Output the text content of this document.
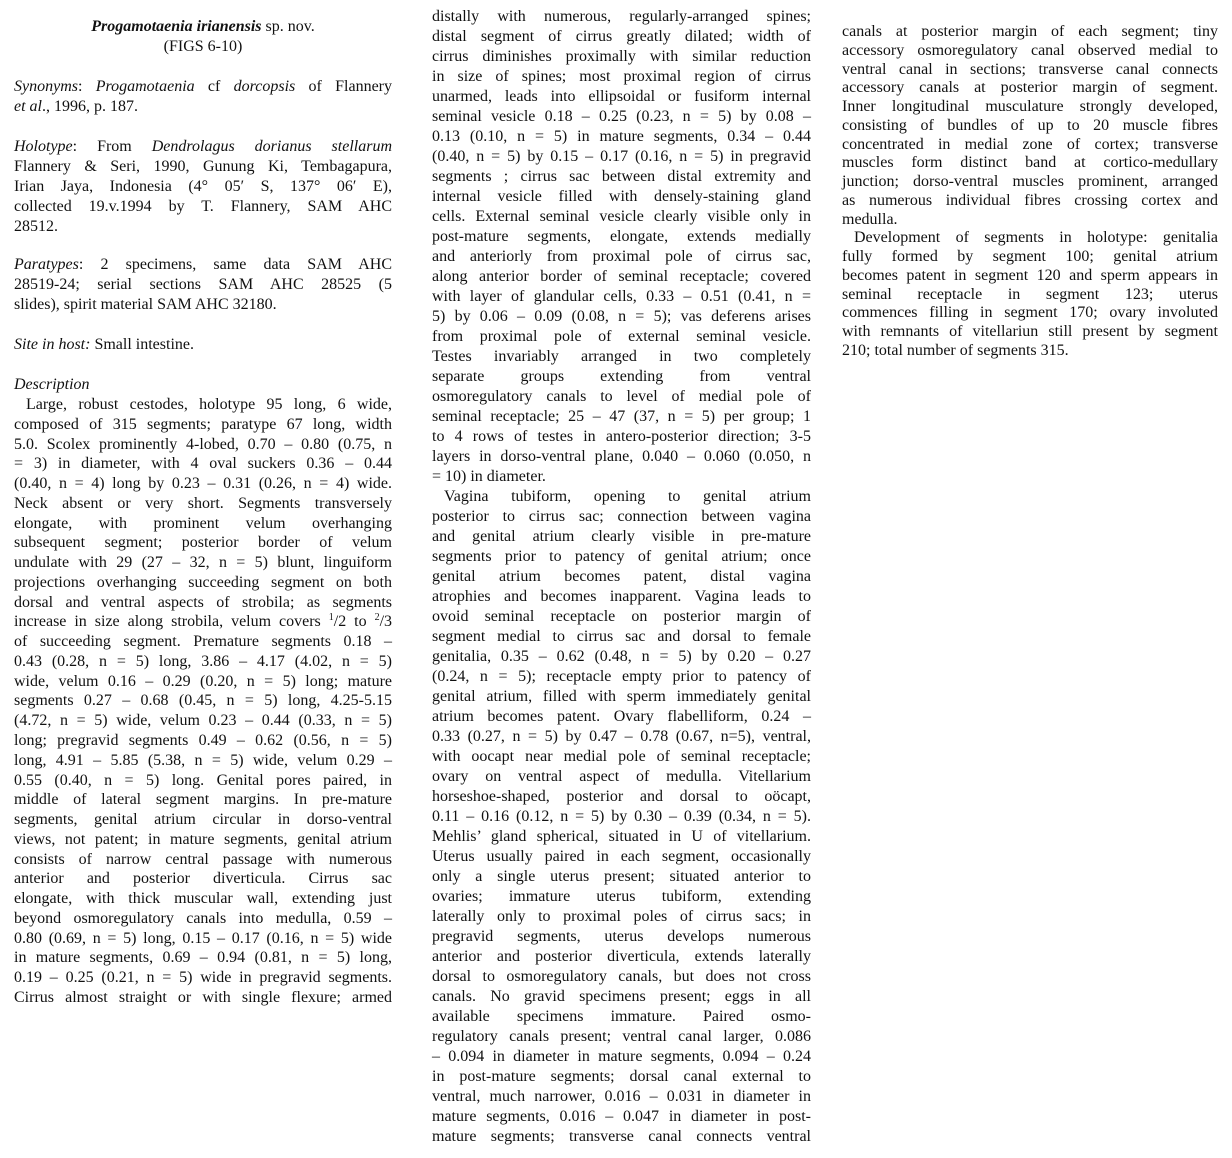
Progamotaenia irianensis sp. nov.
(FIGS 6-10)
Synonyms: Progamotaenia cf dorcopsis of Flannery
et al., 1996, p. 187.
Holotype: From Dendrolagus dorianus stellarum
Flannery & Seri, 1990, Gunung Ki, Tembagapura,
Irian Jaya, Indonesia (4° 05′ S, 137° 06′ E),
collected 19.v.1994 by T. Flannery, SAM AHC
28512.
Paratypes: 2 specimens, same data SAM AHC
28519-24; serial sections SAM AHC 28525 (5
slides), spirit material SAM AHC 32180.
Site in host: Small intestine.
Description
Large, robust cestodes, holotype 95 long, 6 wide,
composed of 315 segments; paratype 67 long, width
5.0. Scolex prominently 4-lobed, 0.70 – 0.80 (0.75, n
= 3) in diameter, with 4 oval suckers 0.36 – 0.44
(0.40, n = 4) long by 0.23 – 0.31 (0.26, n = 4) wide.
Neck absent or very short. Segments transversely
elongate, with prominent velum overhanging
subsequent segment; posterior border of velum
undulate with 29 (27 – 32, n = 5) blunt, linguiform
projections overhanging succeeding segment on both
dorsal and ventral aspects of strobila; as segments
increase in size along strobila, velum covers $^1$/2 to $^2$/3
of succeeding segment. Premature segments 0.18 –
0.43 (0.28, n = 5) long, 3.86 – 4.17 (4.02, n = 5)
wide, velum 0.16 – 0.29 (0.20, n = 5) long; mature
segments 0.27 – 0.68 (0.45, n = 5) long, 4.25-5.15
(4.72, n = 5) wide, velum 0.23 – 0.44 (0.33, n = 5)
long; pregravid segments 0.49 – 0.62 (0.56, n = 5)
long, 4.91 – 5.85 (5.38, n = 5) wide, velum 0.29 –
0.55 (0.40, n = 5) long. Genital pores paired, in
middle of lateral segment margins. In pre-mature
segments, genital atrium circular in dorso-ventral
views, not patent; in mature segments, genital atrium
consists of narrow central passage with numerous
anterior and posterior diverticula. Cirrus sac
elongate, with thick muscular wall, extending just
beyond osmoregulatory canals into medulla, 0.59 –
0.80 (0.69, n = 5) long, 0.15 – 0.17 (0.16, n = 5) wide
in mature segments, 0.69 – 0.94 (0.81, n = 5) long,
0.19 – 0.25 (0.21, n = 5) wide in pregravid segments.
Cirrus almost straight or with single flexure; armed
distally with numerous, regularly-arranged spines;
distal segment of cirrus greatly dilated; width of
cirrus diminishes proximally with similar reduction
in size of spines; most proximal region of cirrus
unarmed, leads into ellipsoidal or fusiform internal
seminal vesicle 0.18 – 0.25 (0.23, n = 5) by 0.08 –
0.13 (0.10, n = 5) in mature segments, 0.34 – 0.44
(0.40, n = 5) by 0.15 – 0.17 (0.16, n = 5) in pregravid
segments ; cirrus sac between distal extremity and
internal vesicle filled with densely-staining gland
cells. External seminal vesicle clearly visible only in
post-mature segments, elongate, extends medially
and anteriorly from proximal pole of cirrus sac,
along anterior border of seminal receptacle; covered
with layer of glandular cells, 0.33 – 0.51 (0.41, n =
5) by 0.06 – 0.09 (0.08, n = 5); vas deferens arises
from proximal pole of external seminal vesicle.
Testes invariably arranged in two completely
separate groups extending from ventral
osmoregulatory canals to level of medial pole of
seminal receptacle; 25 – 47 (37, n = 5) per group; 1
to 4 rows of testes in antero-posterior direction; 3-5
layers in dorso-ventral plane, 0.040 – 0.060 (0.050, n
= 10) in diameter.
Vagina tubiform, opening to genital atrium
posterior to cirrus sac; connection between vagina
and genital atrium clearly visible in pre-mature
segments prior to patency of genital atrium; once
genital atrium becomes patent, distal vagina
atrophies and becomes inapparent. Vagina leads to
ovoid seminal receptacle on posterior margin of
segment medial to cirrus sac and dorsal to female
genitalia, 0.35 – 0.62 (0.48, n = 5) by 0.20 – 0.27
(0.24, n = 5); receptacle empty prior to patency of
genital atrium, filled with sperm immediately genital
atrium becomes patent. Ovary flabelliform, 0.24 –
0.33 (0.27, n = 5) by 0.47 – 0.78 (0.67, n=5), ventral,
with oocapt near medial pole of seminal receptacle;
ovary on ventral aspect of medulla. Vitellarium
horseshoe-shaped, posterior and dorsal to oöcapt,
0.11 – 0.16 (0.12, n = 5) by 0.30 – 0.39 (0.34, n = 5).
Mehlis’ gland spherical, situated in U of vitellarium.
Uterus usually paired in each segment, occasionally
only a single uterus present; situated anterior to
ovaries; immature uterus tubiform, extending
laterally only to proximal poles of cirrus sacs; in
pregravid segments, uterus develops numerous
anterior and posterior diverticula, extends laterally
dorsal to osmoregulatory canals, but does not cross
canals. No gravid specimens present; eggs in all
available specimens immature. Paired osmo-
regulatory canals present; ventral canal larger, 0.086
– 0.094 in diameter in mature segments, 0.094 – 0.24
in post-mature segments; dorsal canal external to
ventral, much narrower, 0.016 – 0.031 in diameter in
mature segments, 0.016 – 0.047 in diameter in post-
mature segments; transverse canal connects ventral
canals at posterior margin of each segment; tiny
accessory osmoregulatory canal observed medial to
ventral canal in sections; transverse canal connects
accessory canals at posterior margin of segment.
Inner longitudinal musculature strongly developed,
consisting of bundles of up to 20 muscle fibres
concentrated in medial zone of cortex; transverse
muscles form distinct band at cortico-medullary
junction; dorso-ventral muscles prominent, arranged
as numerous individual fibres crossing cortex and
medulla.
Development of segments in holotype: genitalia
fully formed by segment 100; genital atrium
becomes patent in segment 120 and sperm appears in
seminal receptacle in segment 123; uterus
commences filling in segment 170; ovary involuted
with remnants of vitellariun still present by segment
210; total number of segments 315.
